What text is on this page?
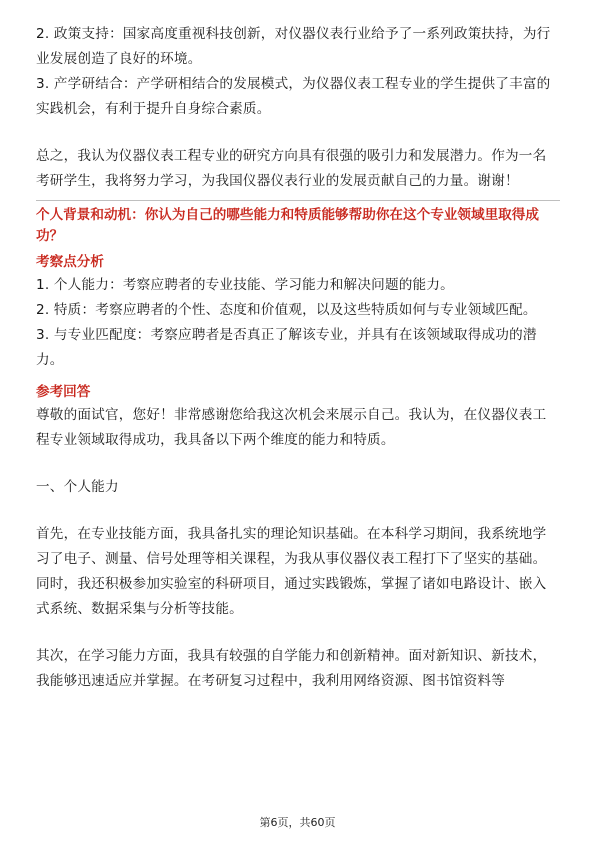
2. 政策支持：国家高度重视科技创新，对仪器仪表行业给予了一系列政策扶持，为行业发展创造了良好的环境。

3. 产学研结合：产学研相结合的发展模式，为仪器仪表工程专业的学生提供了丰富的实践机会，有利于提升自身综合素质。

总之，我认为仪器仪表工程专业的研究方向具有很强的吸引力和发展潜力。作为一名考研学生，我将努力学习，为我国仪器仪表行业的发展贡献自己的力量。谢谢！

个人背景和动机：你认为自己的哪些能力和特质能够帮助你在这个专业领域里取得成功？
考察点分析

1. 个人能力：考察应聘者的专业技能、学习能力和解决问题的能力。

2. 特质：考察应聘者的个性、态度和价值观，以及这些特质如何与专业领域匹配。

3. 与专业匹配度：考察应聘者是否真正了解该专业，并具有在该领域取得成功的潜力。

参考回答

尊敬的面试官，您好！非常感谢您给我这次机会来展示自己。我认为，在仪器仪表工程专业领域取得成功，我具备以下两个维度的能力和特质。

一、个人能力

首先，在专业技能方面，我具备扎实的理论知识基础。在本科学习期间，我系统地学习了电子、测量、信号处理等相关课程，为我从事仪器仪表工程打下了坚实的基础。同时，我还积极参加实验室的科研项目，通过实践锻炼，掌握了诸如电路设计、嵌入式系统、数据采集与分析等技能。

其次，在学习能力方面，我具有较强的自学能力和创新精神。面对新知识、新技术，我能够迅速适应并掌握。在考研复习过程中，我利用网络资源、图书馆资料等

第6页，共60页
